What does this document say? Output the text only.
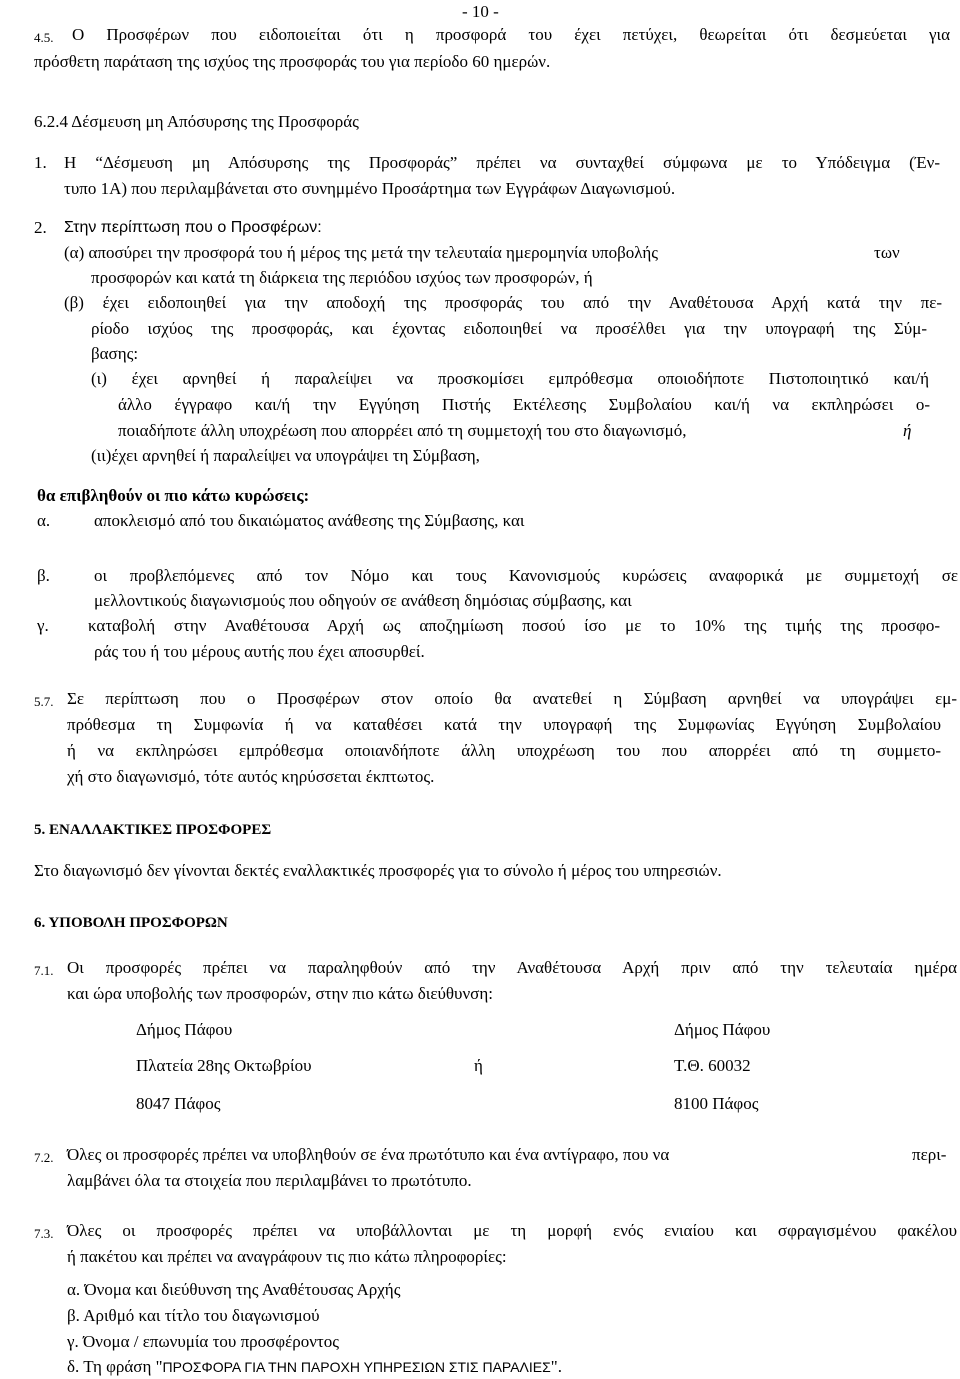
- 10 -
4.5. Ο Προσφέρων που ειδοποιείται ότι η προσφορά του έχει πετύχει, θεωρείται ότι δεσμεύεται για
πρόσθετη παράταση της ισχύος της προσφοράς του για περίοδο 60 ημερών.
6.2.4 Δέσμευση μη Απόσυρσης της Προσφοράς
1. Η “Δέσμευση μη Απόσυρσης της Προσφοράς” πρέπει να συνταχθεί σύμφωνα με το Υπόδειγμα (Έν-
τυπο 1Α) που περιλαμβάνεται στο συνημμένο Προσάρτημα των Εγγράφων Διαγωνισμού.
2. Στην περίπτωση που ο Προσφέρων:
(α) αποσύρει την προσφορά του ή μέρος της μετά την τελευταία ημερομηνία υποβολής	των
προσφορών και κατά τη διάρκεια της περιόδου ισχύος των προσφορών, ή
(β) έχει ειδοποιηθεί για την αποδοχή της προσφοράς του από την Αναθέτουσα Αρχή κατά την πε-
ρίοδο ισχύος της προσφοράς, και έχοντας ειδοποιηθεί να προσέλθει για την υπογραφή της Σύμ-
βασης:
(ι) έχει αρνηθεί ή παραλείψει να προσκομίσει εμπρόθεσμα οποιοδήποτε Πιστοποιητικό και/ή
άλλο έγγραφο και/ή την Εγγύηση Πιστής Εκτέλεσης Συμβολαίου και/ή να εκπληρώσει ο-
ποιαδήποτε άλλη υποχρέωση που απορρέει από τη συμμετοχή του στο διαγωνισμό,	ή
(ιι)έχει αρνηθεί ή παραλείψει να υπογράψει τη Σύμβαση,
θα επιβληθούν οι πιο κάτω κυρώσεις:
α.	αποκλεισμό από του δικαιώματος ανάθεσης της Σύμβασης, και
β.	οι προβλεπόμενες από τον Νόμο και τους Κανονισμούς κυρώσεις αναφορικά με συμμετοχή σε
μελλοντικούς διαγωνισμούς που οδηγούν σε ανάθεση δημόσιας σύμβασης, και
γ. καταβολή στην Αναθέτουσα Αρχή ως αποζημίωση ποσού ίσο με το 10% της τιμής της προσφο-
ράς του ή του μέρους αυτής που έχει αποσυρθεί.
5.7. Σε περίπτωση που ο Προσφέρων στον οποίο θα ανατεθεί η Σύμβαση αρνηθεί να υπογράψει εμ-
πρόθεσμα τη Συμφωνία ή να καταθέσει κατά την υπογραφή της Συμφωνίας Εγγύηση Συμβολαίου
ή να εκπληρώσει εμπρόθεσμα οποιανδήποτε άλλη υποχρέωση του που απορρέει από τη συμμετο-
χή στο διαγωνισμό, τότε αυτός κηρύσσεται έκπτωτος.
5. ΕΝΑΛΛΑΚΤΙΚΕΣ ΠΡΟΣΦΟΡΕΣ
Στο διαγωνισμό δεν γίνονται δεκτές εναλλακτικές προσφορές για το σύνολο ή μέρος του υπηρεσιών.
6. ΥΠΟΒΟΛΗ ΠΡΟΣΦΟΡΩΝ
7.1. Οι προσφορές πρέπει να παραληφθούν από την Αναθέτουσα Αρχή πριν από την τελευταία ημέρα
και ώρα υποβολής των προσφορών, στην πιο κάτω διεύθυνση:
Δήμος Πάφου
Πλατεία 28ης Οκτωβρίου
8047 Πάφος
ή
Δήμος Πάφου
Τ.Θ. 60032
8100 Πάφος
7.2. Όλες οι προσφορές πρέπει να υποβληθούν σε ένα πρωτότυπο και ένα αντίγραφο, που να	περι-
λαμβάνει όλα τα στοιχεία που περιλαμβάνει το πρωτότυπο.
7.3. Όλες οι προσφορές πρέπει να υποβάλλονται με τη μορφή ενός ενιαίου και σφραγισμένου φακέλου
ή πακέτου και πρέπει να αναγράφουν τις πιο κάτω πληροφορίες:
α. Όνομα και διεύθυνση της Αναθέτουσας Αρχής
β. Αριθμό και τίτλο του διαγωνισμού
γ. Όνομα / επωνυμία του προσφέροντος
δ. Τη φράση "ΠΡΟΣΦΟΡΑ ΓΙΑ ΤΗΝ ΠΑΡΟΧΗ ΥΠΗΡΕΣΙΩΝ ΣΤΙΣ ΠΑΡΑΛΙΕΣ".
